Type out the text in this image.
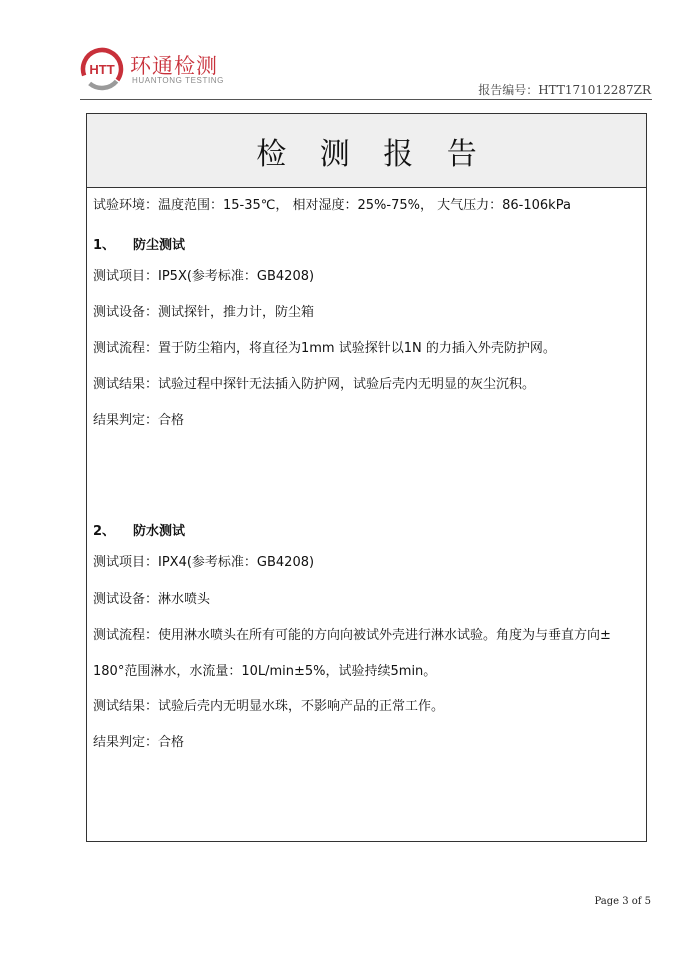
HTT 环通检测
HUANTONG TESTING
报告编号：HTT171012287ZR
检 测 报 告
试验环境：温度范围：15-35℃， 相对湿度：25%-75%， 大气压力：86-106kPa
1、 防尘测试
测试项目：IP5X(参考标准：GB4208)
测试设备：测试探针，推力计，防尘箱
测试流程：置于防尘箱内，将直径为1mm 试验探针以1N 的力插入外壳防护网。
测试结果：试验过程中探针无法插入防护网，试验后壳内无明显的灰尘沉积。
结果判定：合格
2、 防水测试
测试项目：IPX4(参考标准：GB4208)
测试设备：淋水喷头
测试流程：使用淋水喷头在所有可能的方向向被试外壳进行淋水试验。角度为与垂直方向±
180°范围淋水，水流量：10L/min±5%，试验持续5min。
测试结果：试验后壳内无明显水珠，不影响产品的正常工作。
结果判定：合格
Page 3 of 5
